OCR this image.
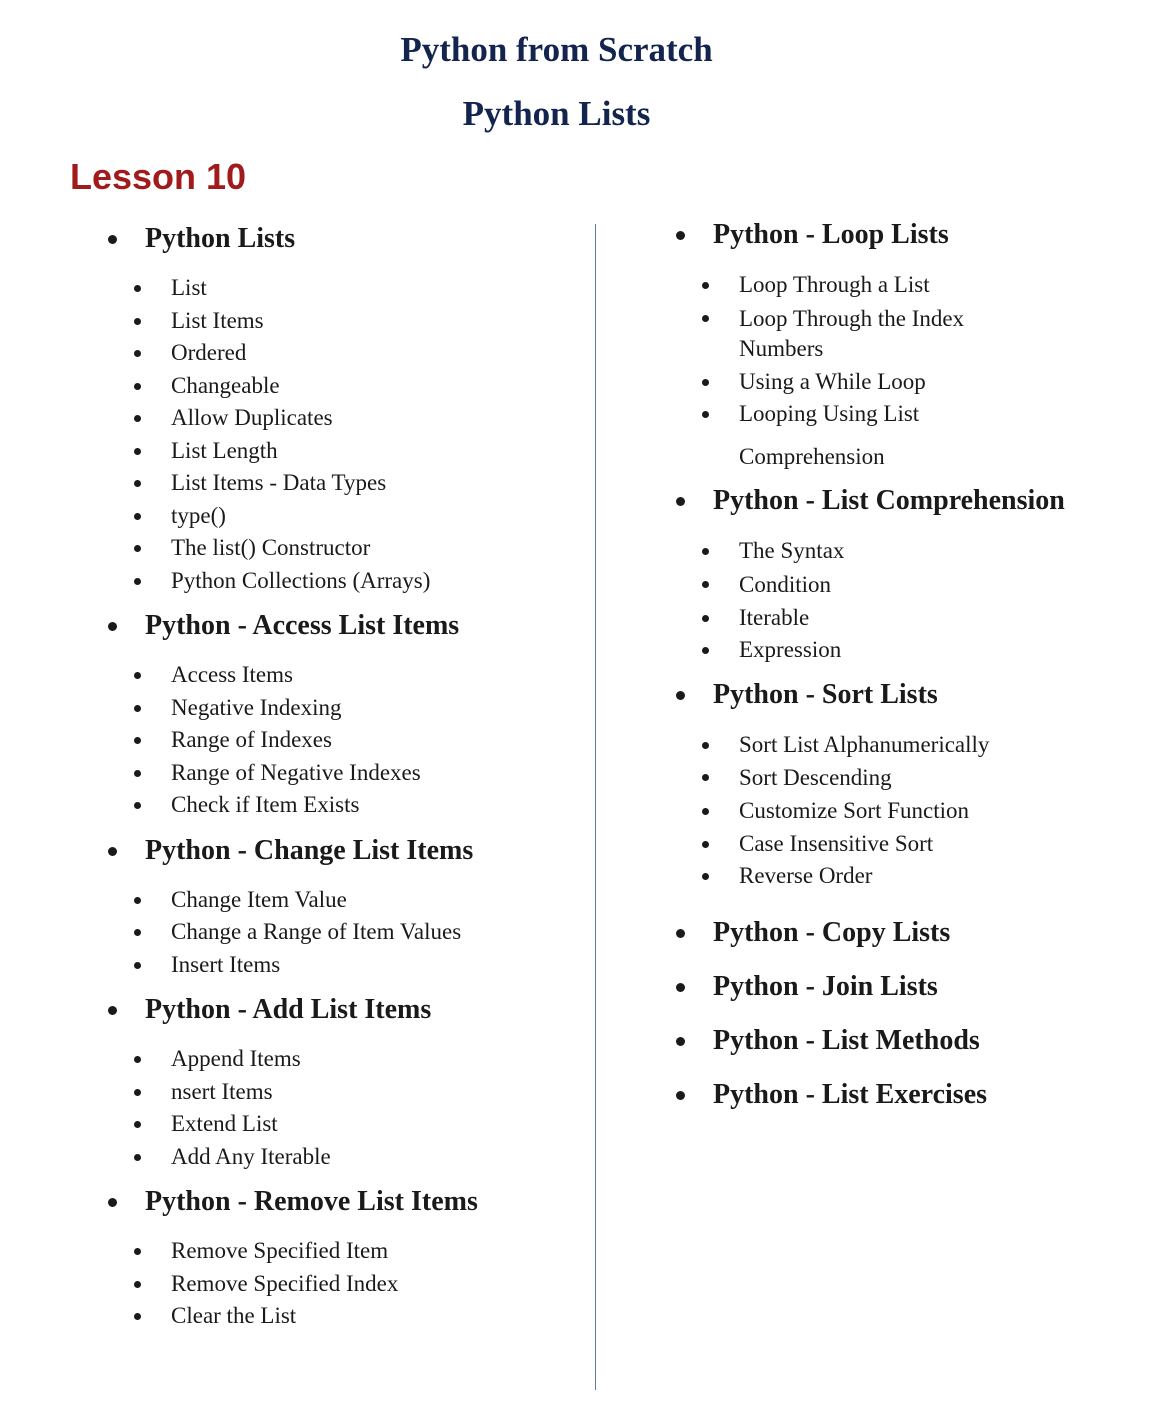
Python from Scratch
Python Lists
Lesson 10
Python Lists
List
List Items
Ordered
Changeable
Allow Duplicates
List Length
List Items - Data Types
type()
The list() Constructor
Python Collections (Arrays)
Python - Access List Items
Access Items
Negative Indexing
Range of Indexes
Range of Negative Indexes
Check if Item Exists
Python - Change List Items
Change Item Value
Change a Range of Item Values
Insert Items
Python - Add List Items
Append Items
nsert Items
Extend List
Add Any Iterable
Python - Remove List Items
Remove Specified Item
Remove Specified Index
Clear the List
Python - Loop Lists
Loop Through a List
Loop Through the Index Numbers
Using a While Loop
Looping Using List
Comprehension
Python - List Comprehension
The Syntax
Condition
Iterable
Expression
Python - Sort Lists
Sort List Alphanumerically
Sort Descending
Customize Sort Function
Case Insensitive Sort
Reverse Order
Python - Copy Lists
Python - Join Lists
Python - List Methods
Python - List Exercises
